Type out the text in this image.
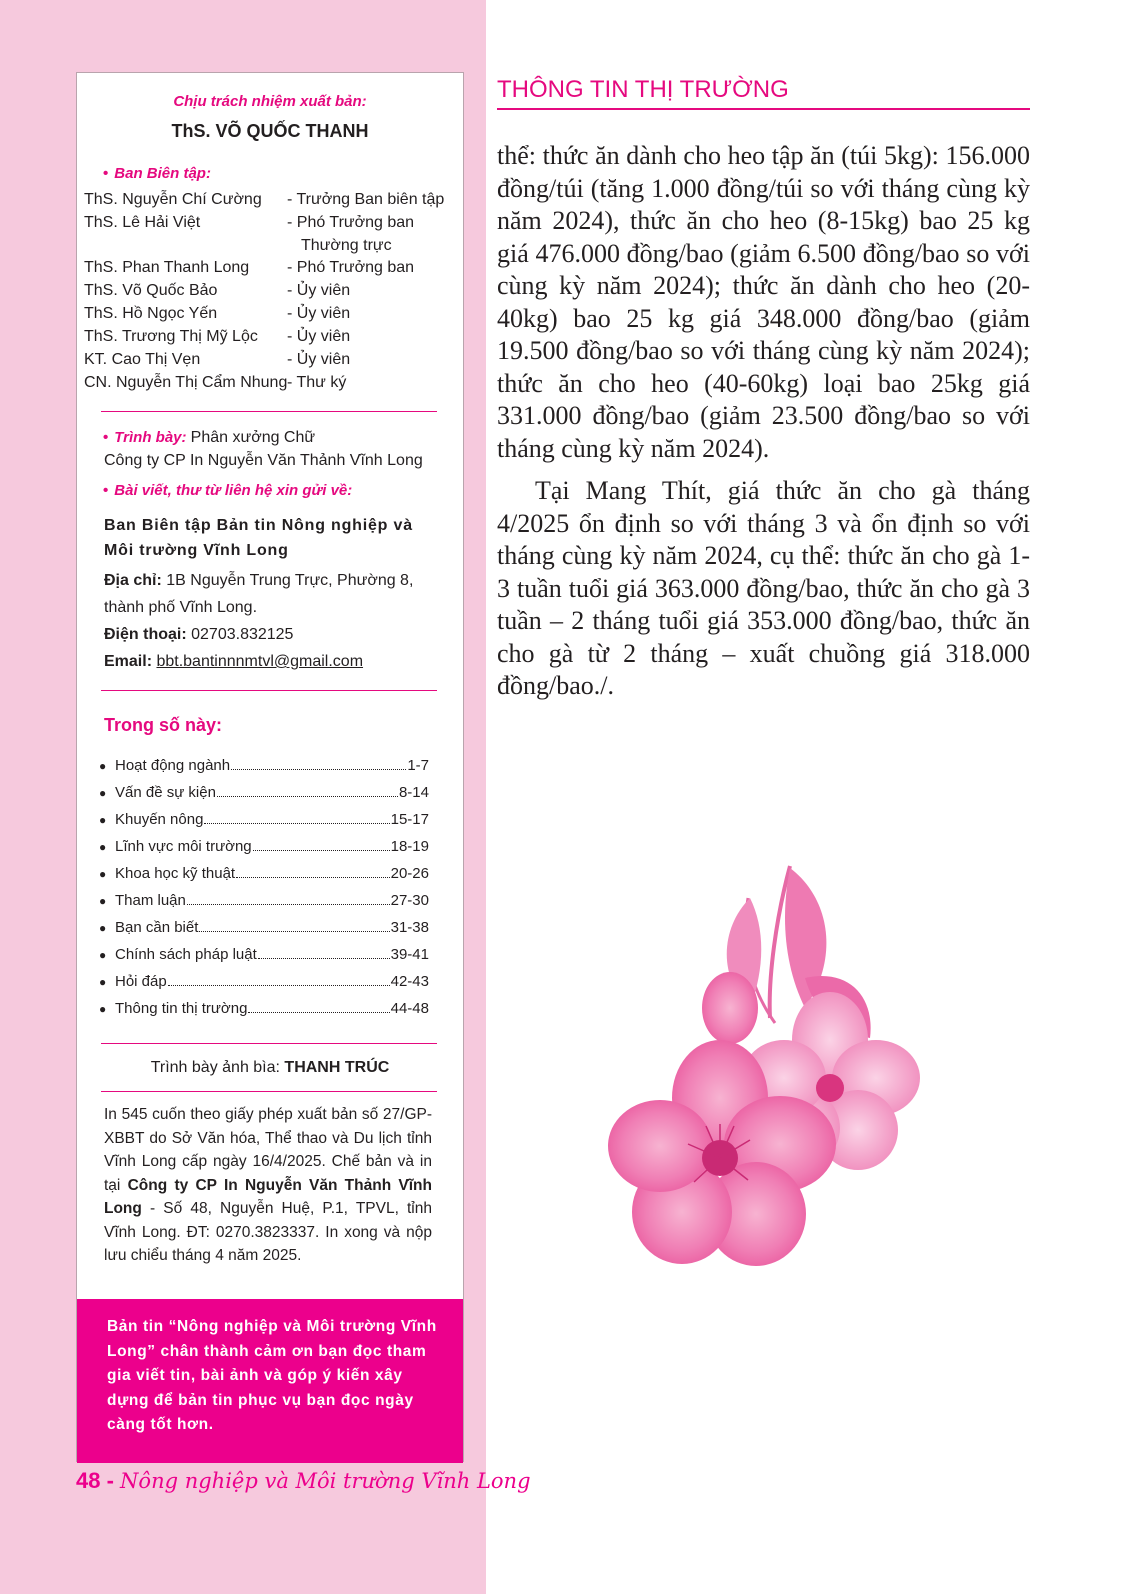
Chịu trách nhiệm xuất bản:
ThS. VÕ QUỐC THANH
• Ban Biên tập:
ThS. Nguyễn Chí Cường - Trưởng Ban biên tập
ThS. Lê Hải Việt	- Phó Trưởng ban
Thường trực
ThS. Phan Thanh Long - Phó Trưởng ban
ThS. Võ Quốc Bảo	- Ủy viên
ThS. Hồ Ngọc Yến	- Ủy viên
ThS. Trương Thị Mỹ Lộc - Ủy viên
KT. Cao Thị Vẹn	- Ủy viên
CN. Nguyễn Thị Cẩm Nhung - Thư ký
• Trình bày: Phân xưởng Chữ
Công ty CP In Nguyễn Văn Thảnh Vĩnh Long
• Bài viết, thư từ liên hệ xin gửi về:
Ban Biên tập Bản tin Nông nghiệp và
Môi trường Vĩnh Long
Địa chỉ: 1B Nguyễn Trung Trực, Phường 8,
thành phố Vĩnh Long.
Điện thoại: 02703.832125
Email: bbt.bantinnnmtvl@gmail.com
Trong số này:
● Hoạt động ngành	1-7
● Vấn đề sự kiện	8-14
● Khuyến nông	15-17
● Lĩnh vực môi trường	18-19
● Khoa học kỹ thuật	20-26
● Tham luận	27-30
● Bạn cần biết	31-38
● Chính sách pháp luật	39-41
● Hỏi đáp	42-43
● Thông tin thị trường	44-48
Trình bày ảnh bìa: THANH TRÚC
In 545 cuốn theo giấy phép xuất bản số 27/GP-XBBT do Sở Văn hóa, Thể thao và Du lịch tỉnh Vĩnh Long cấp ngày 16/4/2025. Chế bản và in tại Công ty CP In Nguyễn Văn Thảnh Vĩnh Long - Số 48, Nguyễn Huệ, P.1, TPVL, tỉnh Vĩnh Long. ĐT: 0270.3823337. In xong và nộp lưu chiểu tháng 4 năm 2025.
Bản tin “Nông nghiệp và Môi trường Vĩnh Long” chân thành cảm ơn bạn đọc tham gia viết tin, bài ảnh và góp ý kiến xây dựng để bản tin phục vụ bạn đọc ngày càng tốt hơn.
48 - Nông nghiệp và Môi trường Vĩnh Long
THÔNG TIN THỊ TRƯỜNG

thể: thức ăn dành cho heo tập ăn (túi 5kg): 156.000 đồng/túi (tăng 1.000 đồng/túi so với tháng cùng kỳ năm 2024), thức ăn cho heo (8-15kg) bao 25 kg giá 476.000 đồng/bao (giảm 6.500 đồng/bao so với cùng kỳ năm 2024); thức ăn dành cho heo (20-40kg) bao 25 kg giá 348.000 đồng/bao (giảm 19.500 đồng/bao so với tháng cùng kỳ năm 2024); thức ăn cho heo (40-60kg) loại bao 25kg giá 331.000 đồng/bao (giảm 23.500 đồng/bao so với tháng cùng kỳ năm 2024).

Tại Mang Thít, giá thức ăn cho gà tháng 4/2025 ổn định so với tháng 3 và ổn định so với tháng cùng kỳ năm 2024, cụ thể: thức ăn cho gà 1-3 tuần tuổi giá 363.000 đồng/bao, thức ăn cho gà 3 tuần – 2 tháng tuổi giá 353.000 đồng/bao, thức ăn cho gà từ 2 tháng – xuất chuồng giá 318.000 đồng/bao./.
